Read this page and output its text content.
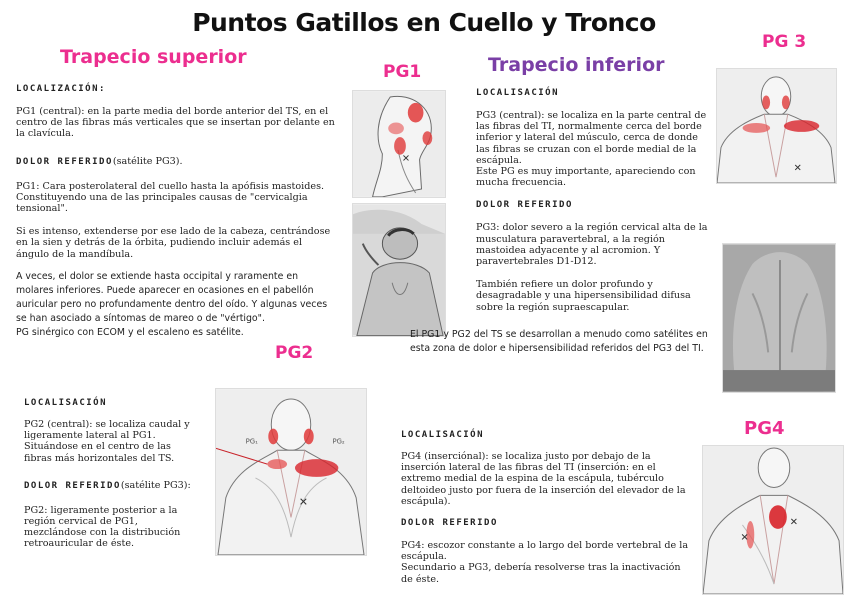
Puntos Gatillos en Cuello y Tronco
Trapecio superior

LOCALIZACIÓN:

PG1 (central): en la parte media del borde anterior del TS, en el centro de las fibras más verticales que se insertan por delante en la clavícula.

DOLOR REFERIDO(satélite PG3).

PG1: Cara posterolateral del cuello hasta la apófisis mastoides. Constituyendo una de las principales causas de "cervicalgia tensional".

Si es intenso, extenderse por ese lado de la cabeza, centrándose en la sien y detrás de la órbita, pudiendo incluir además el ángulo de la mandíbula.

A veces, el dolor se extiende hasta occipital y raramente en molares inferiores. Puede aparecer en ocasiones en el pabellón auricular pero no profundamente dentro del oído. Y algunas veces se han asociado a síntomas de mareo o de "vértigo".

PG sinérgico con ECOM y el escaleno es satélite.

PG1
✕
PG2

LOCALISACIÓN

PG2 (central): se localiza caudal y ligeramente lateral al PG1. Situándose en el centro de las fibras más horizontales del TS.

DOLOR REFERIDO(satélite PG3):

PG2: ligeramente posterior a la región cervical de PG1, mezclándose con la distribución retroauricular de éste.

✕
PG₁	PG₂
Trapecio inferior
PG 3

LOCALISACIÓN

PG3 (central): se localiza en la parte central de las fibras del TI, normalmente cerca del borde inferior y lateral del músculo, cerca de donde las fibras se cruzan con el borde medial de la escápula.

Este PG es muy importante, apareciendo con mucha frecuencia.

DOLOR REFERIDO

PG3: dolor severo a la región cervical alta de la musculatura paravertebral, a la región mastoidea adyacente y al acromion. Y paravertebrales D1-D12.

También refiere un dolor profundo y desagradable y una hipersensibilidad difusa sobre la región supraescapular.

El PG1 y PG2 del TS se desarrollan a menudo como satélites en esta zona de dolor e hipersensibilidad referidos del PG3 del TI.
✕
PG4

LOCALISACIÓN

PG4 (inserciónal): se localiza justo por debajo de la inserción lateral de las fibras del TI (inserción: en el extremo medial de la espina de la escápula, tubérculo deltoideo justo por fuera de la inserción del elevador de la escápula).

DOLOR REFERIDO

PG4: escozor constante a lo largo del borde vertebral de la escápula.

Secundario a PG3, debería resolverse tras la inactivación de éste.

✕
✕
